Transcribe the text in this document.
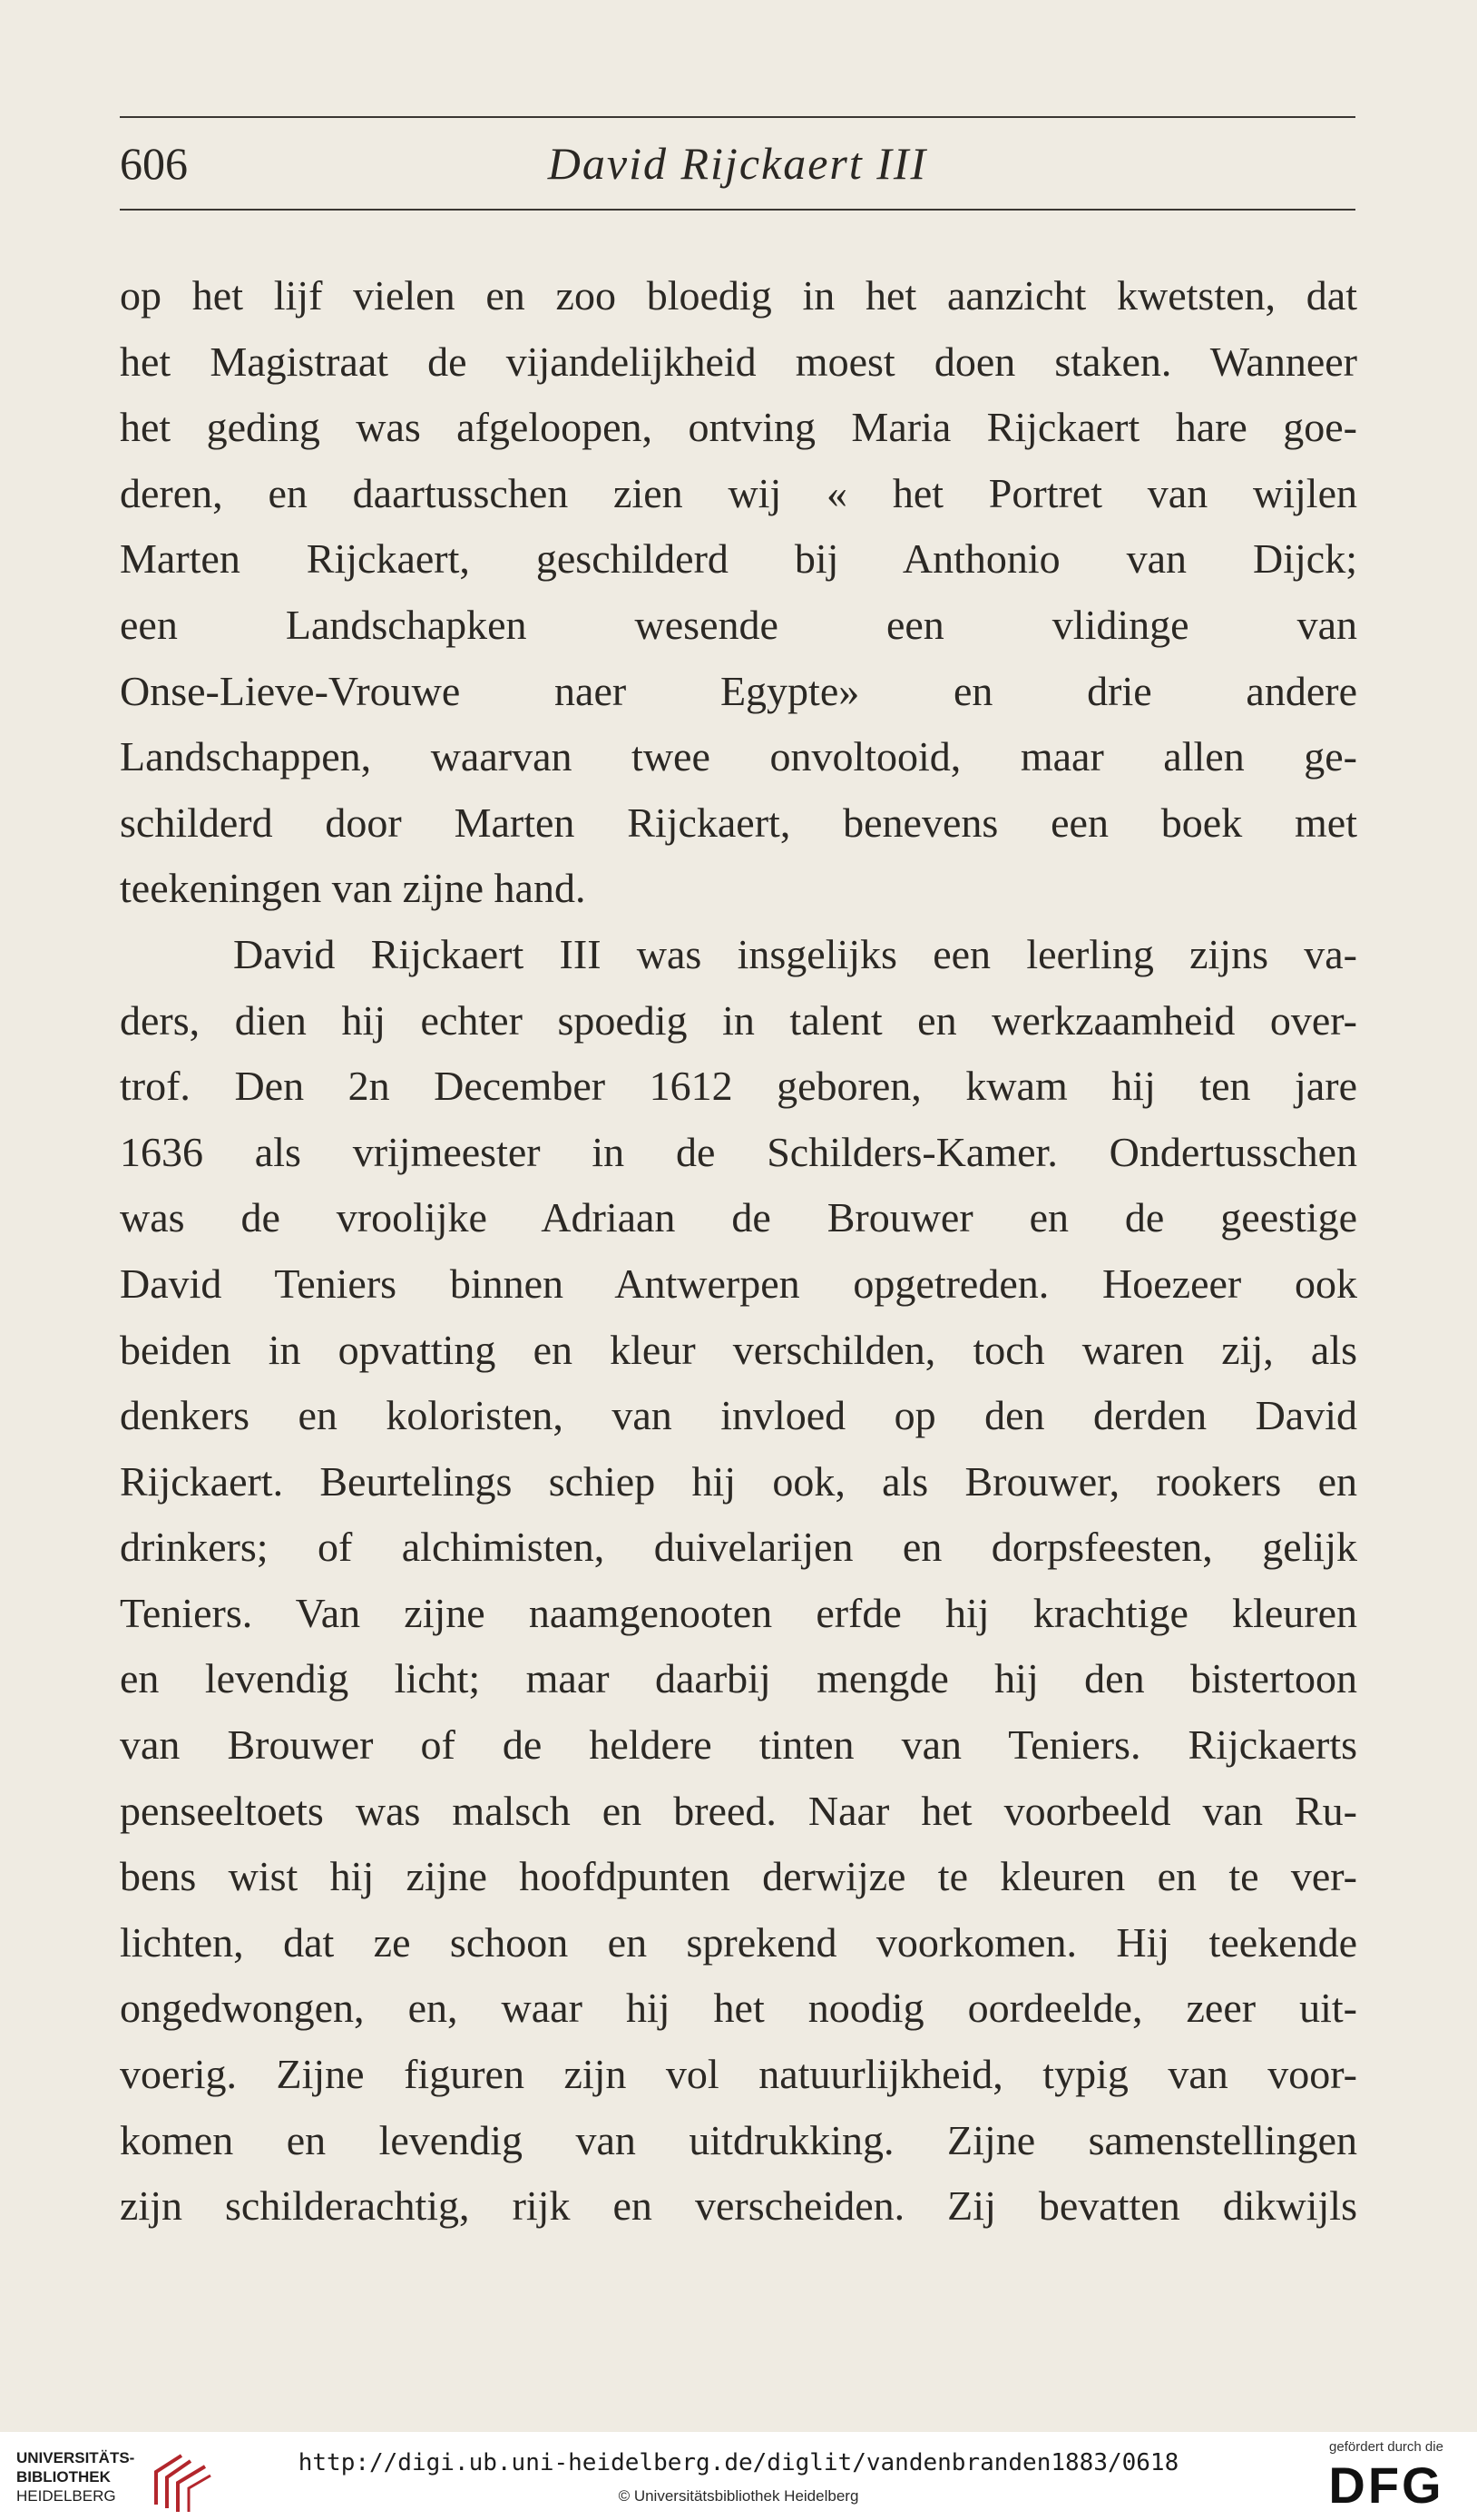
606	David Rijckaert III
op het lijf vielen en zoo bloedig in het aanzicht kwetsten, dat
het Magistraat de vijandelijkheid moest doen staken. Wanneer
het geding was afgeloopen, ontving Maria Rijckaert hare goe-
deren, en daartusschen zien wij « het Portret van wijlen
Marten Rijckaert, geschilderd bij Anthonio van Dijck;
een Landschapken wesende een vlidinge van
Onse-Lieve-Vrouwe naer Egypte» en drie andere
Landschappen, waarvan twee onvoltooid, maar allen ge-
schilderd door Marten Rijckaert, benevens een boek met
teekeningen van zijne hand.
David Rijckaert III was insgelijks een leerling zijns va-
ders, dien hij echter spoedig in talent en werkzaamheid over-
trof. Den 2n December 1612 geboren, kwam hij ten jare
1636 als vrijmeester in de Schilders-Kamer. Ondertusschen
was de vroolijke Adriaan de Brouwer en de geestige
David Teniers binnen Antwerpen opgetreden. Hoezeer ook
beiden in opvatting en kleur verschilden, toch waren zij, als
denkers en koloristen, van invloed op den derden David
Rijckaert. Beurtelings schiep hij ook, als Brouwer, rookers en
drinkers; of alchimisten, duivelarijen en dorpsfeesten, gelijk
Teniers. Van zijne naamgenooten erfde hij krachtige kleuren
en levendig licht; maar daarbij mengde hij den bistertoon
van Brouwer of de heldere tinten van Teniers. Rijckaerts
penseeltoets was malsch en breed. Naar het voorbeeld van Ru-
bens wist hij zijne hoofdpunten derwijze te kleuren en te ver-
lichten, dat ze schoon en sprekend voorkomen. Hij teekende
ongedwongen, en, waar hij het noodig oordeelde, zeer uit-
voerig. Zijne figuren zijn vol natuurlijkheid, typig van voor-
komen en levendig van uitdrukking. Zijne samenstellingen
zijn schilderachtig, rijk en verscheiden. Zij bevatten dikwijls
UNIVERSITÄTS-
BIBLIOTHEK
HEIDELBERG
http://digi.ub.uni-heidelberg.de/diglit/vandenbranden1883/0618
© Universitätsbibliothek Heidelberg
gefördert durch die
DFG
